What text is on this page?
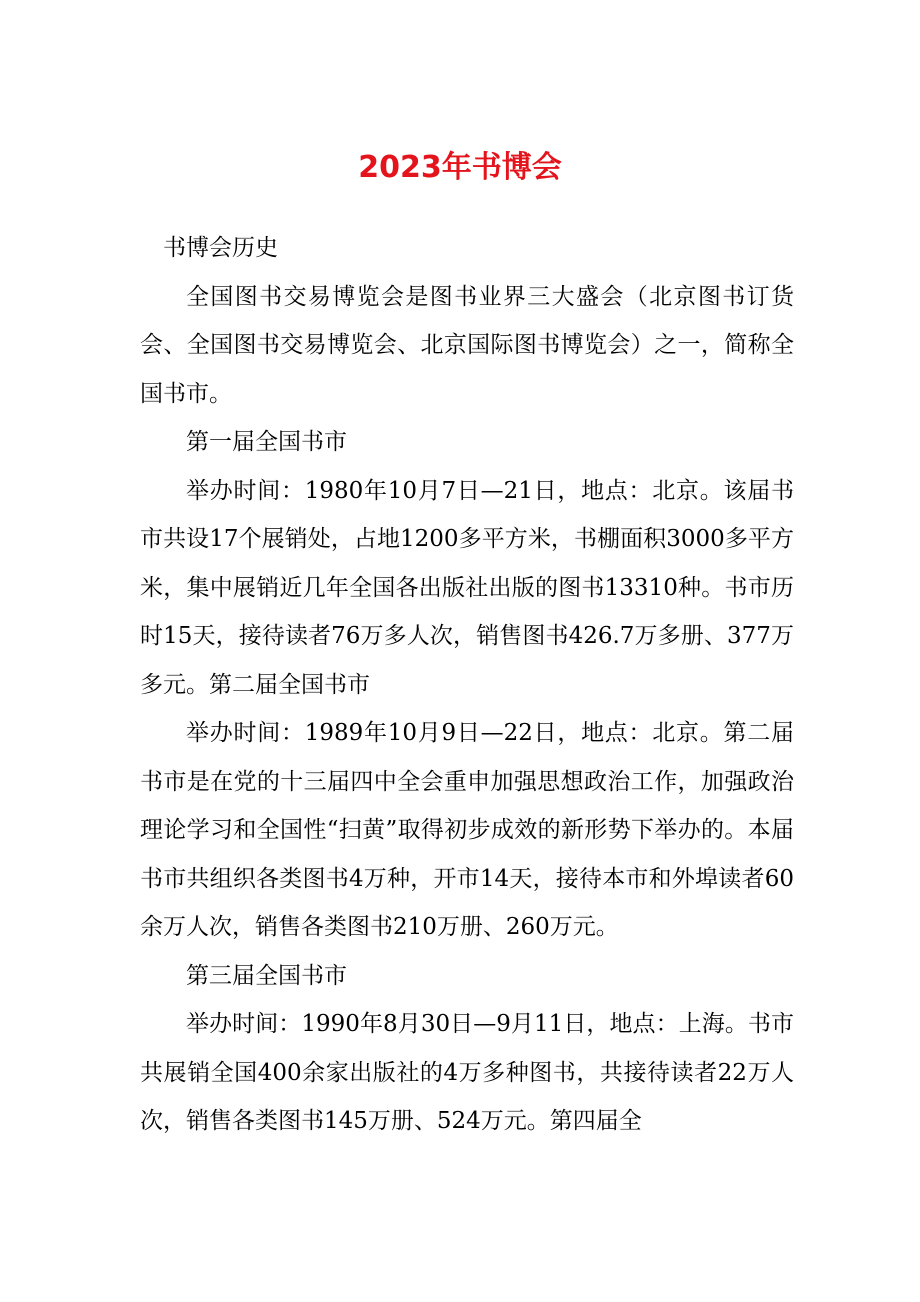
2023年书博会

书博会历史

全国图书交易博览会是图书业界三大盛会（北京图书订货会、全国图书交易博览会、北京国际图书博览会）之一，简称全国书市。

第一届全国书市

举办时间：1980年10月7日—21日，地点：北京。该届书市共设17个展销处，占地1200多平方米，书棚面积3000多平方米，集中展销近几年全国各出版社出版的图书13310种。书市历时15天，接待读者76万多人次，销售图书426.7万多册、377万多元。第二届全国书市

举办时间：1989年10月9日—22日，地点：北京。第二届书市是在党的十三届四中全会重申加强思想政治工作，加强政治理论学习和全国性“扫黄”取得初步成效的新形势下举办的。本届书市共组织各类图书4万种，开市14天，接待本市和外埠读者60余万人次，销售各类图书210万册、260万元。

第三届全国书市

举办时间：1990年8月30日—9月11日，地点：上海。书市共展销全国400余家出版社的4万多种图书，共接待读者22万人次，销售各类图书145万册、524万元。第四届全
